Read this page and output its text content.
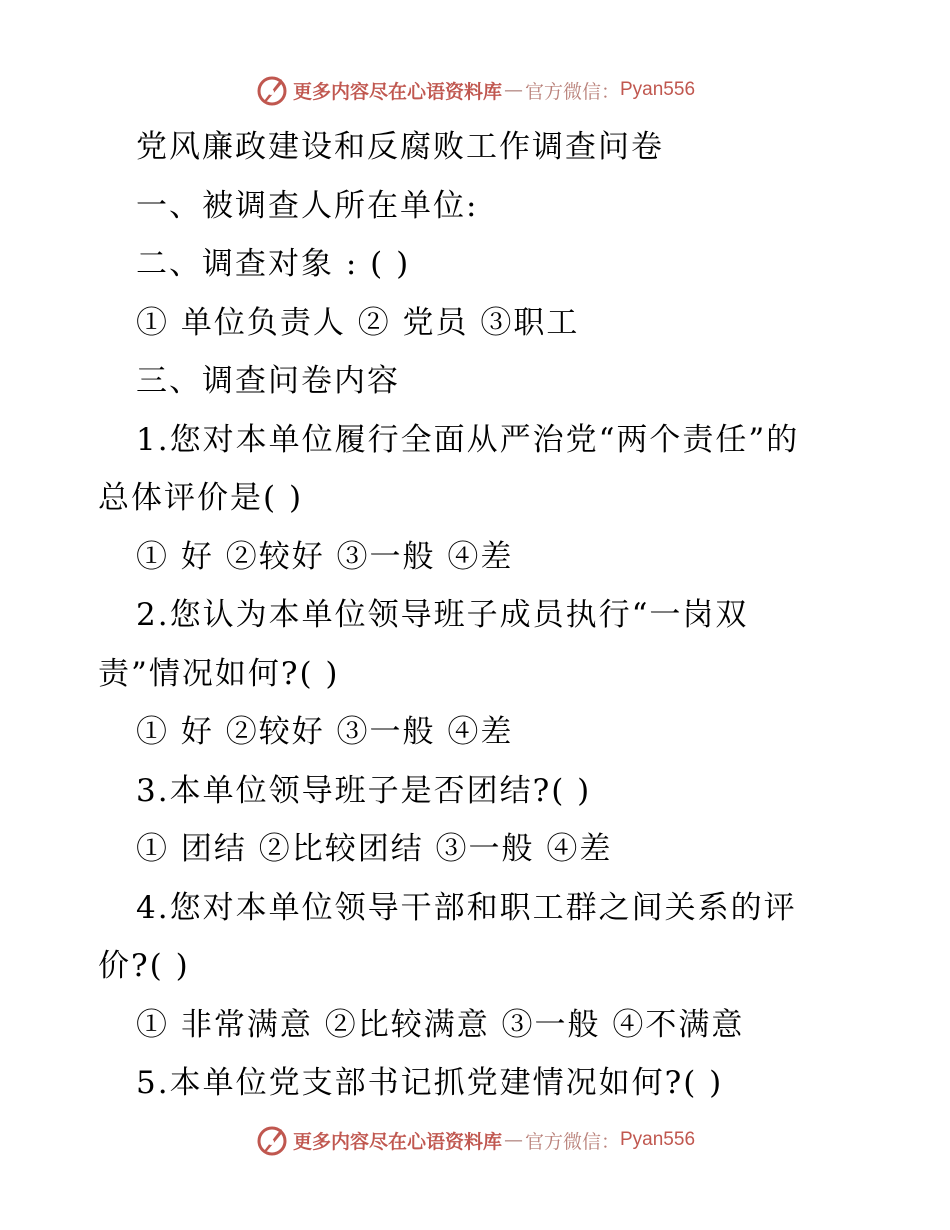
更多内容尽在心语资料库 — 官方微信： Pyan556
党风廉政建设和反腐败工作调查问卷
一、被调查人所在单位:
二、调查对象 : ( )
① 单位负责人 ② 党员 ③职工
三、调查问卷内容
1.您对本单位履行全面从严治党“两个责任”的
总体评价是( )
① 好 ②较好 ③一般 ④差
2.您认为本单位领导班子成员执行“一岗双
责”情况如何?( )
① 好 ②较好 ③一般 ④差
3.本单位领导班子是否团结?( )
① 团结 ②比较团结 ③一般 ④差
4.您对本单位领导干部和职工群之间关系的评
价?( )
① 非常满意 ②比较满意 ③一般 ④不满意
5.本单位党支部书记抓党建情况如何?( )
更多内容尽在心语资料库 — 官方微信： Pyan556
